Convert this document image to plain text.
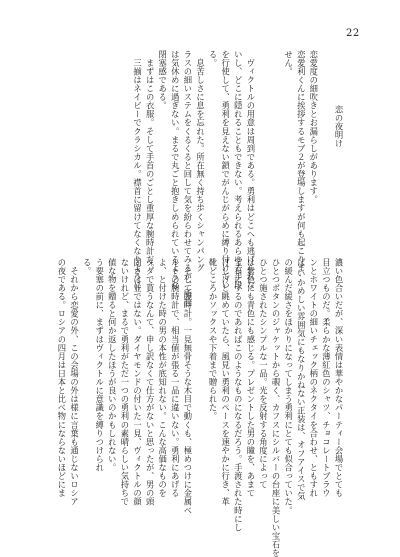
22

恋の夜明け

恋愛度の細吹きとお漏らしがあります。

恋愛利くんに挨拶するモブ２が登場しますが何も起こりま

せん。

　ヴィクトルの用意は周到である。勇利はどこへも逃げられな

いし、どこに隠れることもできない。考えられるあらゆる手段

を行使して、勇利を見えない鎖でがんじがらめに縛り付けてい

る。

　息苦しさに息を忘れた。所在無く持ち歩くシャンパング

ラスの細いステムをくるくると回して気を紛らわせてみるが、所詮

は気休めに過ぎない。まるで丸ごと抱きしめられているような

閉塞感である。

　まずはこの衣服。そして手首のごとし重厚な腕時計だ。

　三揃はネイビーでクラシカル。襟首に留けてなくなりように

濃い色合いだが、深い表情は華やかなパーティー会場でとても

目立つものだ。柔らかな薄紅色のシャツ、チョコレートブラウ

ンとホワイトの細いチェック柄のネクタイを合わせ、ともすれ

ば いかめしい雰囲気にもなりかねない正装は、オフアイスで気

の緩んだ緩さをほかりになってしまう勇利にとても似合っていた。

ひとつボタンのジャケットから覗く、カフスにシルバーの台座に美しい宝石を

ひとつ施されたシンプルな一品。光を反射する角度によって

は紫色にも青色にも感じる。プレゼントした男の瞳を、あまて

宝石にするのであればこのようなものになるだろう。手渡された時にし

げしげと眺めていたら、風見い勇利のペースを速やかに行き、革

靴どころかソックスや下着まで贈られた。

　そして腕時計。一見無骨そうな木目で動くも、極めつけに金属ベ

ルトの腕時計で、相当値が張る一品に違いない。勇利にあげる

よ、と付けた時の男の本性が底知れない。こんな高価なものを

タダで貰うなんて、申し訳なくて仕方がないと思ったが、男の頭

固さは並ではない。ダイヤモンドの付いた一見、ヴィクトルの顔

ないけれど、まるで勇利がただ一つの勇利の素晴らしい気持ちで

値な物を贈ると何か返したほうが良いのかもしれない。

う要塞の前に、まずはヴィクトルに意識を縛りつけられ

る。

　それから恋愛の外、この会場の外は様に言葉も通じないロシア

の夜である。ロシアの四月は日本と比べ物にならないほどにま
